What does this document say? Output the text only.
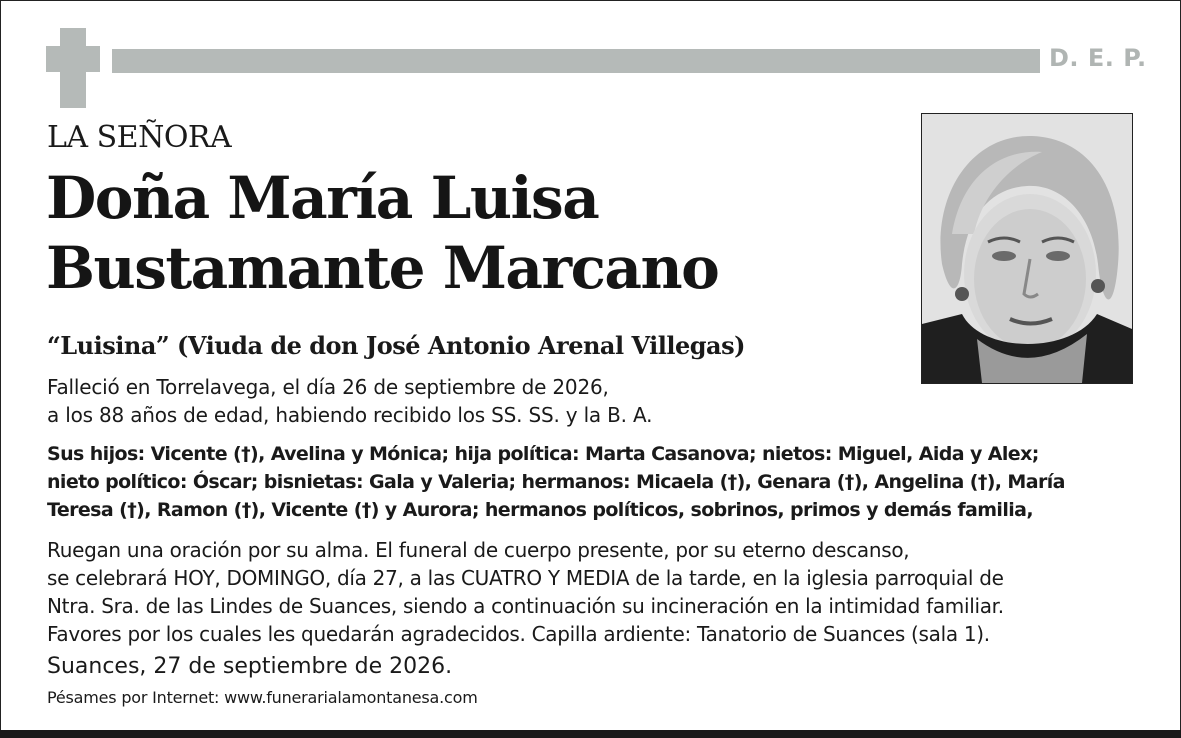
D. E. P.
LA SEÑORA
Doña María Luisa
Bustamante Marcano
“Luisina” (Viuda de don José Antonio Arenal Villegas)
Falleció en Torrelavega, el día 26 de septiembre de 2026,
a los 88 años de edad, habiendo recibido los SS. SS. y la B. A.
Sus hijos: Vicente (†), Avelina y Mónica; hija política: Marta Casanova; nietos: Miguel, Aida y Alex;
nieto político: Óscar; bisnietas: Gala y Valeria; hermanos: Micaela (†), Genara (†), Angelina (†), María
Teresa (†), Ramon (†), Vicente (†) y Aurora; hermanos políticos, sobrinos, primos y demás familia,
Ruegan una oración por su alma. El funeral de cuerpo presente, por su eterno descanso,
se celebrará HOY, DOMINGO, día 27, a las CUATRO Y MEDIA de la tarde, en la iglesia parroquial de
Ntra. Sra. de las Lindes de Suances, siendo a continuación su incineración en la intimidad familiar.
Favores por los cuales les quedarán agradecidos. Capilla ardiente: Tanatorio de Suances (sala 1).
Suances, 27 de septiembre de 2026.
Pésames por Internet: www.funerarialamontanesa.com
